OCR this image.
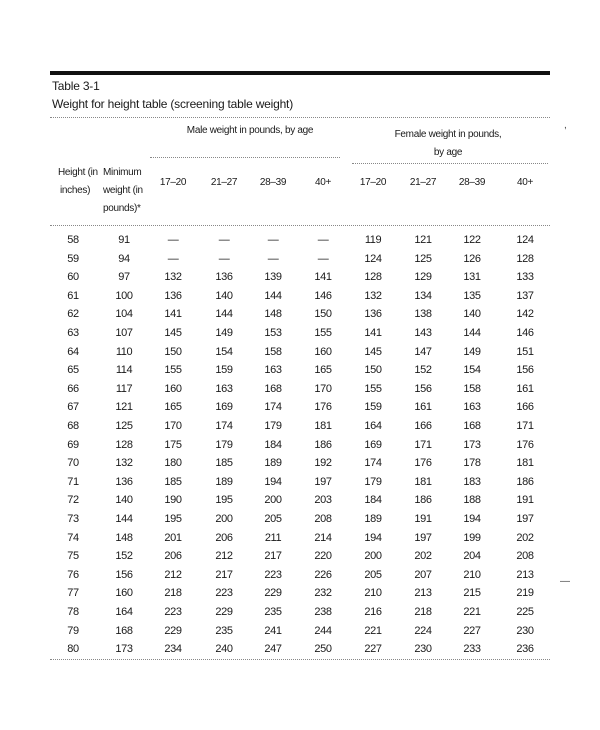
Table 3-1
Weight for height table (screening table weight)
Male weight in pounds, by age	Female weight in pounds,
by age
Height (in
inches)
Minimum
weight (in
pounds)*
17–20 21–27 28–39	40+	17–20 21–27 28–39	40+
58	91	—	—	—	—	119	121	122	124
59	94	—	—	—	—	124	125	126	128
60	97	132	136	139	141	128	129	131	133
61	100	136	140	144	146	132	134	135	137
62	104	141	144	148	150	136	138	140	142
63	107	145	149	153	155	141	143	144	146
64	110	150	154	158	160	145	147	149	151
65	114	155	159	163	165	150	152	154	156
66	117	160	163	168	170	155	156	158	161
67	121	165	169	174	176	159	161	163	166
68	125	170	174	179	181	164	166	168	171
69	128	175	179	184	186	169	171	173	176
70	132	180	185	189	192	174	176	178	181
71	136	185	189	194	197	179	181	183	186
72	140	190	195	200	203	184	186	188	191
73	144	195	200	205	208	189	191	194	197
74	148	201	206	211	214	194	197	199	202
75	152	206	212	217	220	200	202	204	208
76	156	212	217	223	226	205	207	210	213
77	160	218	223	229	232	210	213	215	219
78	164	223	229	235	238	216	218	221	225
79	168	229	235	241	244	221	224	227	230
80	173	234	240	247	250	227	230	233	236
,
—
